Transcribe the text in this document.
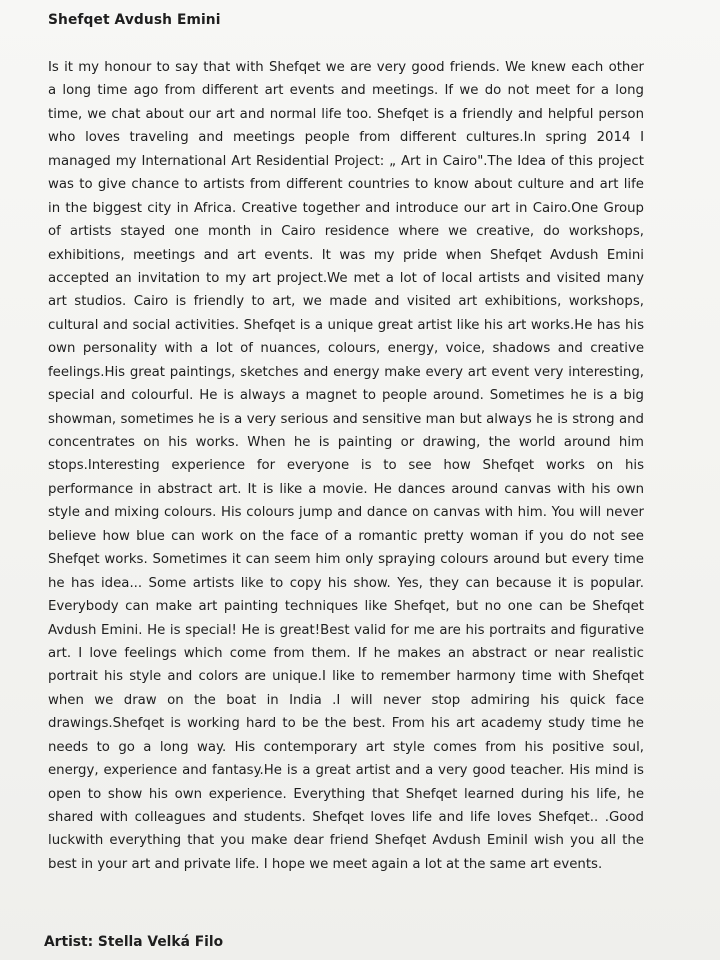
Shefqet Avdush Emini
Is it my honour to say that with Shefqet we are very good friends. We knew each other
a long time ago from different art events and meetings. If we do not meet for a long
time, we chat about our art and normal life too. Shefqet is a friendly and helpful person
who loves traveling and meetings people from different cultures.In spring 2014 I
managed my International Art Residential Project: „ Art in Cairo".The Idea of this project
was to give chance to artists from different countries to know about culture and art life
in the biggest city in Africa. Creative together and introduce our art in Cairo.One Group
of artists stayed one month in Cairo residence where we creative, do workshops,
exhibitions, meetings and art events. It was my pride when Shefqet Avdush Emini
accepted an invitation to my art project.We met a lot of local artists and visited many
art studios. Cairo is friendly to art, we made and visited art exhibitions, workshops,
cultural and social activities. Shefqet is a unique great artist like his art works.He has his
own personality with a lot of nuances, colours, energy, voice, shadows and creative
feelings.His great paintings, sketches and energy make every art event very interesting,
special and colourful. He is always a magnet to people around. Sometimes he is a big
showman, sometimes he is a very serious and sensitive man but always he is strong and
concentrates on his works. When he is painting or drawing, the world around him
stops.Interesting experience for everyone is to see how Shefqet works on his
performance in abstract art. It is like a movie. He dances around canvas with his own
style and mixing colours. His colours jump and dance on canvas with him. You will never
believe how blue can work on the face of a romantic pretty woman if you do not see
Shefqet works. Sometimes it can seem him only spraying colours around but every time
he has idea... Some artists like to copy his show. Yes, they can because it is popular.
Everybody can make art painting techniques like Shefqet, but no one can be Shefqet
Avdush Emini. He is special! He is great!Best valid for me are his portraits and figurative
art. I love feelings which come from them. If he makes an abstract or near realistic
portrait his style and colors are unique.I like to remember harmony time with Shefqet
when we draw on the boat in India .I will never stop admiring his quick face
drawings.Shefqet is working hard to be the best. From his art academy study time he
needs to go a long way. His contemporary art style comes from his positive soul,
energy, experience and fantasy.He is a great artist and a very good teacher. His mind is
open to show his own experience. Everything that Shefqet learned during his life, he
shared with colleagues and students. Shefqet loves life and life loves Shefqet.. .Good
luckwith everything that you make dear friend Shefqet Avdush EminiI wish you all the
best in your art and private life. I hope we meet again a lot at the same art events.

Artist: Stella Velká Filo
